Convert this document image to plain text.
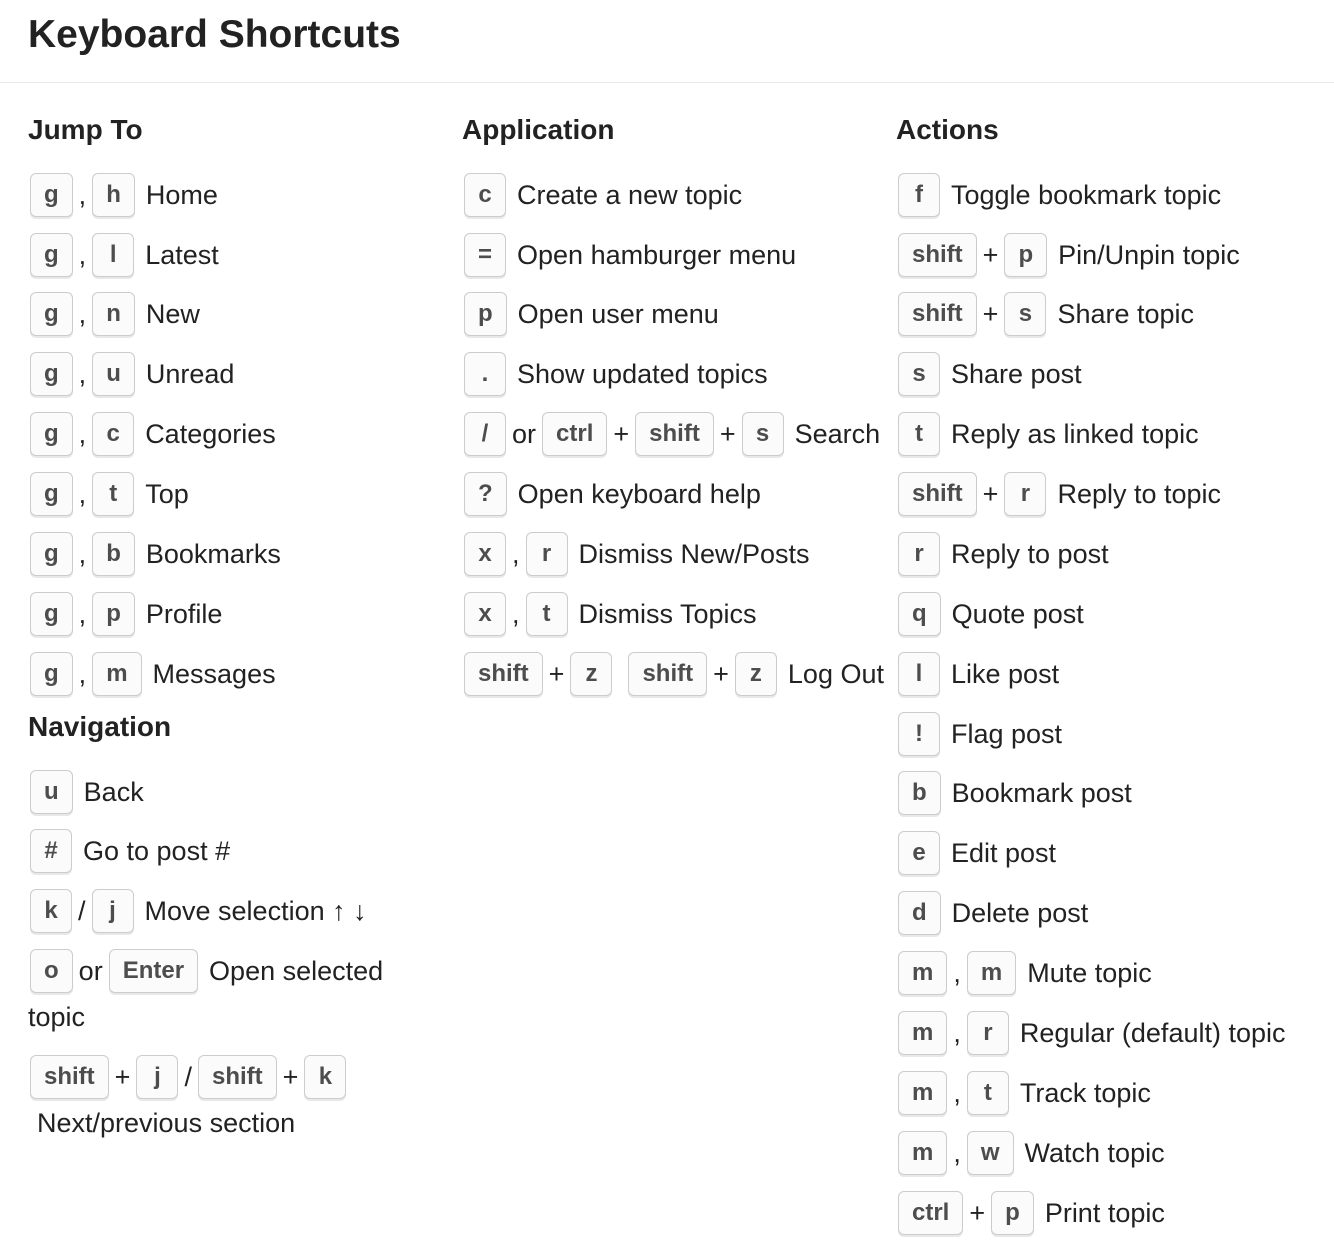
Keyboard Shortcuts
Jump To
g , h Home
g , l Latest
g , n New
g , u Unread
g , c Categories
g , t Top
g , b Bookmarks
g , p Profile
g , m Messages
Navigation
u Back
# Go to post #
k / j Move selection ↑ ↓
o or Enter Open selected topic
shift + j / shift + kNext/previous section
Application
c Create a new topic
= Open hamburger menu
p Open user menu
. Show updated topics
/ or ctrl + shift + s Search
? Open keyboard help
x , r Dismiss New/Posts
x , t Dismiss Topics
shift + z shift + z Log Out
Actions
f Toggle bookmark topic
shift + p Pin/Unpin topic
shift + s Share topic
s Share post
t Reply as linked topic
shift + r Reply to topic
r Reply to post
q Quote post
l Like post
! Flag post
b Bookmark post
e Edit post
d Delete post
m , m Mute topic
m , r Regular (default) topic
m , t Track topic
m , w Watch topic
ctrl + p Print topic
